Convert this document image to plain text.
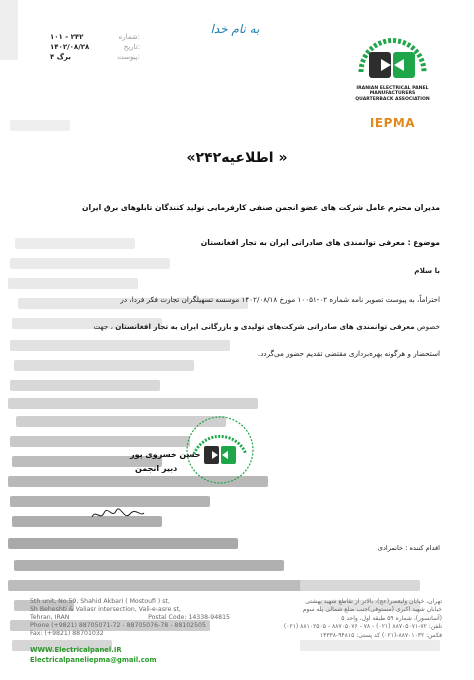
به نام خدا
۱۰۱ - ۲۴۲	شماره:
۱۴۰۲/۰۸/۲۸	تاریخ:
۴ برگ	پیوست:
IRANIAN ELECTRICAL PANEL
MANUFACTURERS
QUARTERBACK ASSOCIATION
IEPMA
« اطلاعیه۲۴۲»
مدیران محترم عامل شرکت های عضو انجمن صنفی کارفرمایی تولید کنندگان تابلوهای برق ایران
موضوع : معرفی توانمندی های صادراتی ایران به تجار افغانستان
با سلام
احتراماً، به پیوست تصویر نامه شماره ۰۲-۱۰۰۵۱ مورخ ۱۴۰۲/۰۸/۱۸ موسسه تسهیلگران تجارت فکر فردا، در
خصوص معرفی توانمندی های صادراتی شرکت‌های تولیدی و بازرگانی ایران به تجار افغانستان ، جهت
استحضار و هرگونه بهره‌برداری مقتضی تقدیم حضور می‌گردد.
حسن خسروی پور
دبیر انجمن
اقدام کننده : خانمرادی
5th unit, No.59, Shahid Akbari ( Mostoufi ) st,
Sh Beheshti & Valiasr intersection, Vali-e-asre st,
Tehran, IRAN	Postal Code: 14338-94815
Phone (+9821) 88705071-72 - 88705076-78 - 88102505
Fax: (+9821) 88701032
WWW.Electricalpanel.IR
Electricalpaneliepma@gmail.com
تهران، خیابان ولیعصر(عج)، بالاتر از تقاطع شهید بهشتی
خیابان شهید اکبری (مستوفی)جنب ضلع شمالی پله سوم
(آسانسور)، شماره ۵۹ طبقه اول، واحد ۵
تلفن: ۷۲-۸۸۷۰۵۰۷۱ (۰۲۱) - ۷۸ - ۸۸۷۰۵۰۷۶ - ۸۸۱۰۲۵۰۵ (۰۲۱)
فکس: ۸۸۷۰۱۰۳۲-(۰۲۱) کد پستی: ۹۴۸۱۵-۱۴۳۳۸
